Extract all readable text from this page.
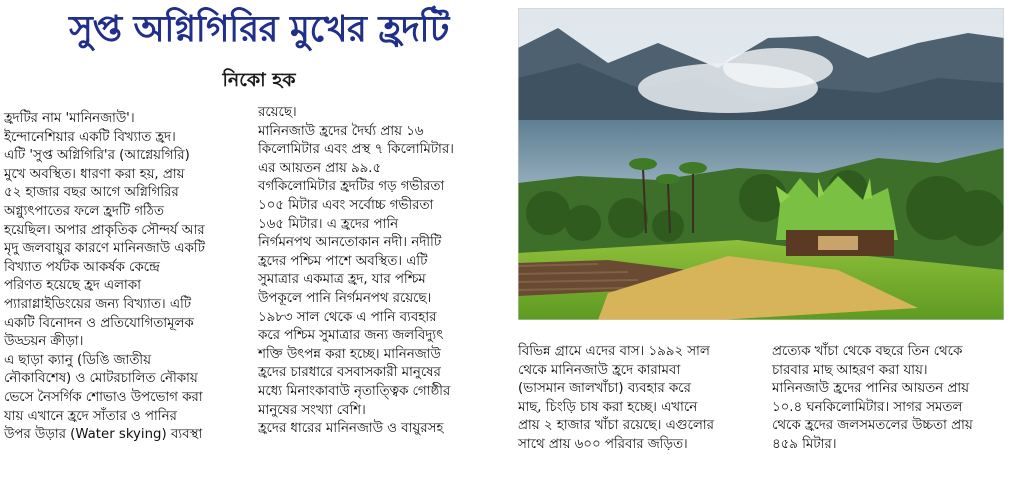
সুপ্ত অগ্নিগিরির মুখের হ্রদটি
নিকো হক

হ্রদটির নাম 'মানিনজাউ'।

ইন্দোনেশিয়ার একটি বিখ্যাত হ্রদ।

এটি 'সুপ্ত অগ্নিগিরি'র (আগ্নেয়গিরি)

মুখে অবস্থিত। ধারণা করা হয়, প্রায়

৫২ হাজার বছর আগে অগ্নিগিরির

অগ্ন্যুৎপাতের ফলে হ্রদটি গঠিত

হয়েছিল। অপার প্রাকৃতিক সৌন্দর্য আর

মৃদু জলবায়ুর কারণে মানিনজাউ একটি

বিখ্যাত পর্যটক আকর্ষক কেন্দ্রে

পরিণত হয়েছে হ্রদ এলাকা

প্যারাগ্লাইডিংয়ের জন্য বিখ্যাত। এটি

একটি বিনোদন ও প্রতিযোগিতামূলক

উড্ডয়ন ক্রীড়া।

এ ছাড়া ক্যানু (ডিঙি জাতীয়

নৌকাবিশেষ) ও মোটরচালিত নৌকায়

ভেসে নৈসর্গিক শোভাও উপভোগ করা

যায় এখানে হ্রদে সাঁতার ও পানির

উপর উড়ার (Water skying) ব্যবস্থা

রয়েছে।

মানিনজাউ হ্রদের দৈর্ঘ্য প্রায় ১৬

কিলোমিটার এবং প্রস্থ ৭ কিলোমিটার।

এর আয়তন প্রায় ৯৯.৫

বর্গকিলোমিটার হ্রদটির গড় গভীরতা

১০৫ মিটার এবং সর্বোচ্চ গভীরতা

১৬৫ মিটার। এ হ্রদের পানি

নির্গমনপথ আনতোকান নদী। নদীটি

হ্রদের পশ্চিম পাশে অবস্থিত। এটি

সুমাত্রার একমাত্র হ্রদ, যার পশ্চিম

উপকূলে পানি নির্গমনপথ রয়েছে।

১৯৮৩ সাল থেকে এ পানি ব্যবহার

করে পশ্চিম সুমাত্রার জন্য জলবিদ্যুৎ

শক্তি উৎপন্ন করা হচ্ছে। মানিনজাউ

হ্রদের চারধারে বসবাসকারী মানুষের

মধ্যে মিনাংকাবাউ নৃতাত্ত্বিক গোষ্ঠীর

মানুষের সংখ্যা বেশি।

হ্রদের ধারের মানিনজাউ ও বায়ুরসহ

বিভিন্ন গ্রামে এদের বাস। ১৯৯২ সাল

থেকে মানিনজাউ হ্রদে কারামবা

(ভাসমান জালখাঁচা) ব্যবহার করে

মাছ, চিংড়ি চাষ করা হচ্ছে। এখানে

প্রায় ২ হাজার খাঁচা রয়েছে। এগুলোর

সাথে প্রায় ৬০০ পরিবার জড়িত।

প্রত্যেক খাঁচা থেকে বছরে তিন থেকে

চারবার মাছ আহরণ করা যায়।

মানিনজাউ হ্রদের পানির আয়তন প্রায়

১০.৪ ঘনকিলোমিটার। সাগর সমতল

থেকে হ্রদের জলসমতলের উচ্চতা প্রায়

৪৫৯ মিটার।
